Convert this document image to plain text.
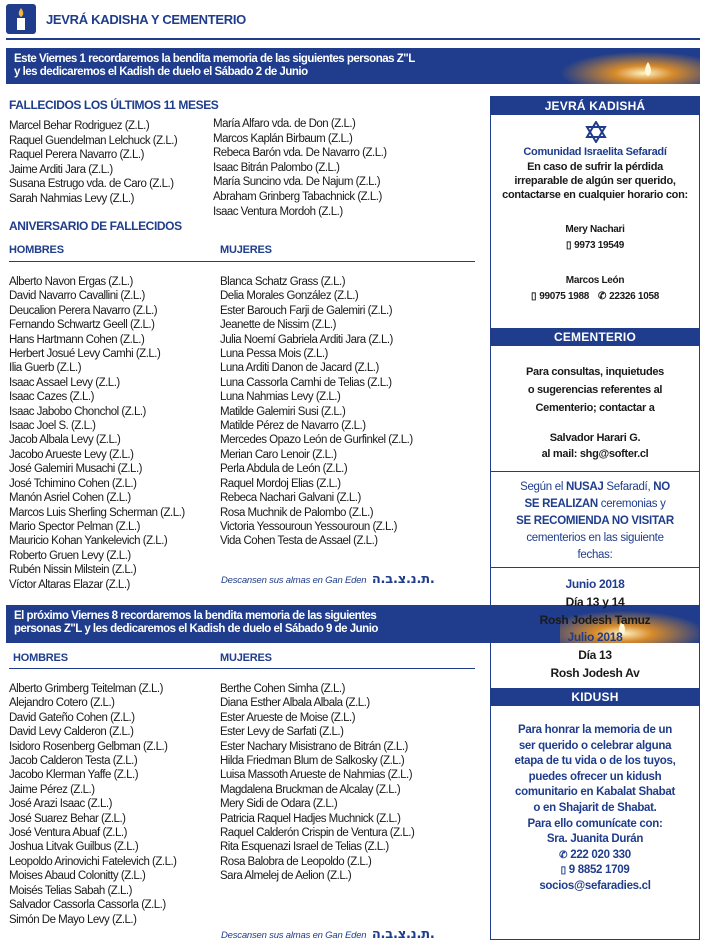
JEVRÁ KADISHA Y CEMENTERIO
Este Viernes 1 recordaremos la bendita memoria de las siguientes personas Z"L
y les dedicaremos el Kadish de duelo el Sábado 2 de Junio
FALLECIDOS LOS ÚLTIMOS 11 MESES
Marcel Behar Rodriguez (Z.L.)
Raquel Guendelman Lelchuck (Z.L.)
Raquel Perera Navarro (Z.L.)
Jaime Arditi Jara (Z.L.)
Susana Estrugo vda. de Caro (Z.L.)
Sarah Nahmias Levy (Z.L.)
María Alfaro vda. de Don (Z.L.)
Marcos Kaplán Birbaum (Z.L.)
Rebeca Barón vda. De Navarro (Z.L.)
Isaac Bitrán Palombo (Z.L.)
María Suncino vda. De Najum (Z.L.)
Abraham Grinberg Tabachnick (Z.L.)
Isaac Ventura Mordoh (Z.L.)
ANIVERSARIO DE FALLECIDOS
HOMBRES	MUJERES
Alberto Navon Ergas (Z.L.)
David Navarro Cavallini (Z.L.)
Deucalion Perera Navarro (Z.L.)
Fernando Schwartz Geell (Z.L.)
Hans Hartmann Cohen (Z.L.)
Herbert Josué Levy Camhi (Z.L.)
Ilia Guerb (Z.L.)
Isaac Assael Levy (Z.L.)
Isaac Cazes (Z.L.)
Isaac Jabobo Chonchol (Z.L.)
Isaac Joel S. (Z.L.)
Jacob Albala Levy (Z.L.)
Jacobo Arueste Levy (Z.L.)
José Galemiri Musachi (Z.L.)
José Tchimino Cohen (Z.L.)
Manón Asriel Cohen (Z.L.)
Marcos Luis Sherling Scherman (Z.L.)
Mario Spector Pelman (Z.L.)
Mauricio Kohan Yankelevich (Z.L.)
Roberto Gruen Levy (Z.L.)
Rubén Nissin Milstein (Z.L.)
Víctor Altaras Elazar (Z.L.)
Blanca Schatz Grass (Z.L.)
Delia Morales González (Z.L.)
Ester Barouch Farji de Galemiri (Z.L.)
Jeanette de Nissim (Z.L.)
Julia Noemí Gabriela Arditi Jara (Z.L.)
Luna Pessa Mois (Z.L.)
Luna Arditi Danon de Jacard (Z.L.)
Luna Cassorla Camhi de Telias (Z.L.)
Luna Nahmias Levy (Z.L.)
Matilde Galemiri Susi (Z.L.)
Matilde Pérez de Navarro (Z.L.)
Mercedes Opazo León de Gurfinkel (Z.L.)
Merian Caro Lenoir (Z.L.)
Perla Abdula de León (Z.L.)
Raquel Mordoj Elias (Z.L.)
Rebeca Nachari Galvani (Z.L.)
Rosa Muchnik de Palombo (Z.L.)
Victoria Yessouroun Yessouroun (Z.L.)
Vida Cohen Testa de Assael (Z.L.)
Descansen sus almas en Gan Eden ת.נ.צ.ב.ה.
El próximo Viernes 8 recordaremos la bendita memoria de las siguientes
personas Z"L y les dedicaremos el Kadish de duelo el Sábado 9 de Junio
HOMBRES	MUJERES
Alberto Grimberg Teitelman (Z.L.)
Alejandro Cotero (Z.L.)
David Gateño Cohen (Z.L.)
David Levy Calderon (Z.L.)
Isidoro Rosenberg Gelbman (Z.L.)
Jacob Calderon Testa (Z.L.)
Jacobo Klerman Yaffe (Z.L.)
Jaime Pérez (Z.L.)
José Arazi Isaac (Z.L.)
José Suarez Behar (Z.L.)
José Ventura Abuaf (Z.L.)
Joshua Litvak Guilbus (Z.L.)
Leopoldo Arinovichi Fatelevich (Z.L.)
Moises Abaud Colonitty (Z.L.)
Moisés Telias Sabah (Z.L.)
Salvador Cassorla Cassorla (Z.L.)
Simón De Mayo Levy (Z.L.)
Berthe Cohen Simha (Z.L.)
Diana Esther Albala Albala (Z.L.)
Ester Arueste de Moise (Z.L.)
Ester Levy de Sarfati (Z.L.)
Ester Nachary Misistrano de Bitrán (Z.L.)
Hilda Friedman Blum de Salkosky (Z.L.)
Luisa Massoth Arueste de Nahmias (Z.L.)
Magdalena Bruckman de Alcalay (Z.L.)
Mery Sidi de Odara (Z.L.)
Patricia Raquel Hadjes Muchnick (Z.L.)
Raquel Calderón Crispin de Ventura (Z.L.)
Rita Esquenazi Israel de Telias (Z.L.)
Rosa Balobra de Leopoldo (Z.L.)
Sara Almelej de Aelion (Z.L.)
Descansen sus almas en Gan Eden ת.נ.צ.ב.ה.
JEVRÁ KADISHÁ
Comunidad Israelita Sefaradí
En caso de sufrir la pérdida
irreparable de algún ser querido,
contactarse en cualquier horario con:
Mery Nachari
▯ 9973 19549
Marcos León
▯ 99075 1988 ✆ 22326 1058
CEMENTERIO
Para consultas, inquietudes
o sugerencias referentes al
Cementerio; contactar a
Salvador Harari G.
al mail: shg@softer.cl
Según el NUSAJ Sefaradí, NO
SE REALIZAN ceremonias y
SE RECOMIENDA NO VISITAR
cementerios en las siguiente
fechas:
Junio 2018
Día 13 y 14
Rosh Jodesh Tamuz
Julio 2018
Día 13
Rosh Jodesh Av
KIDUSH
Para honrar la memoria de un
ser querido o celebrar alguna
etapa de tu vida o de los tuyos,
puedes ofrecer un kidush
comunitario en Kabalat Shabat
o en Shajarit de Shabat.
Para ello comunícate con:
Sra. Juanita Durán
✆ 222 020 330
▯ 9 8852 1709
socios@sefaradies.cl
